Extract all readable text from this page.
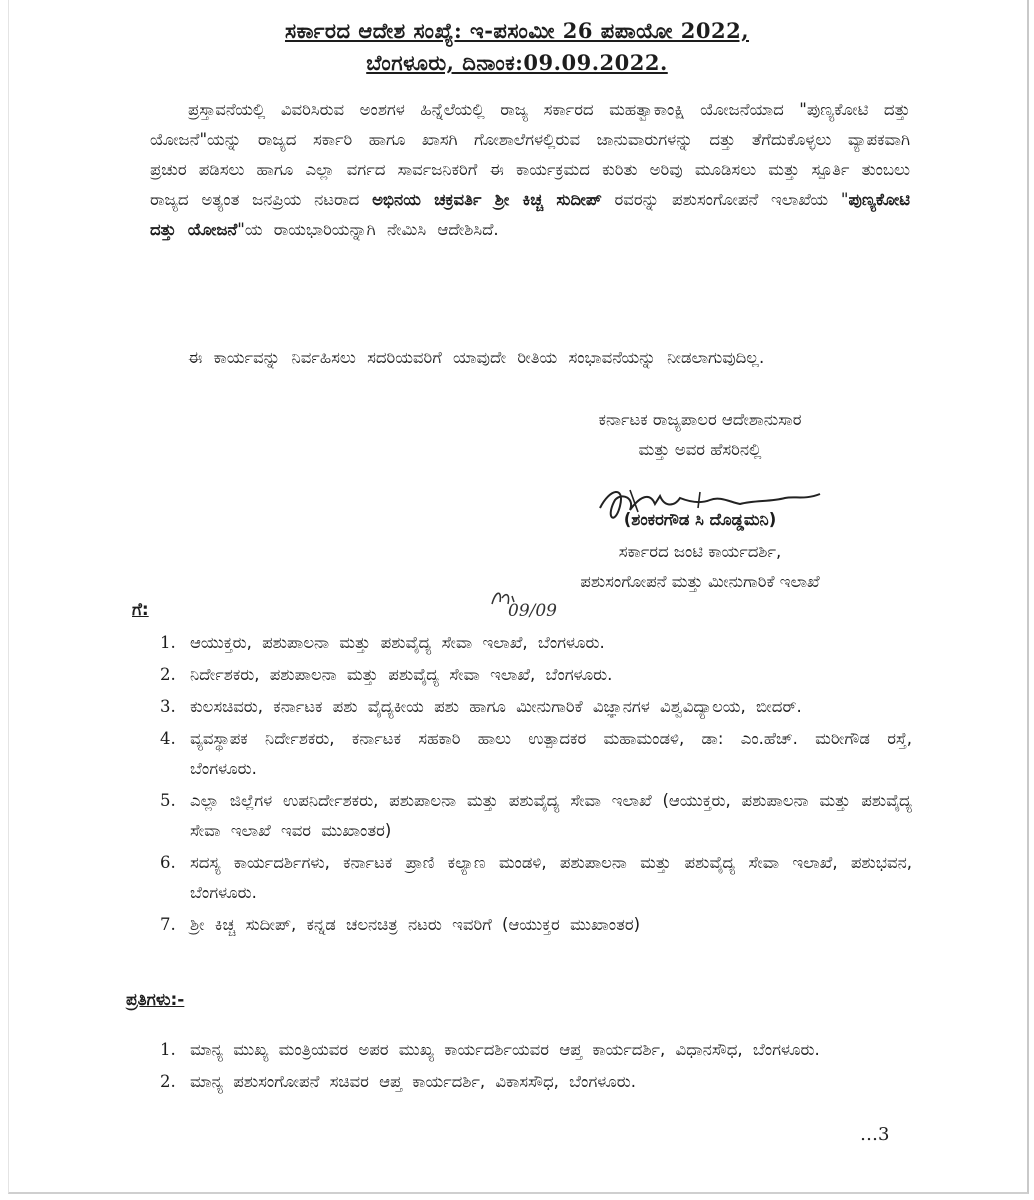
ಸರ್ಕಾರದ ಆದೇಶ ಸಂಖ್ಯೆ: ಇ-ಪಸಂಮೀ 26 ಪಪಾಯೋ 2022,
ಬೆಂಗಳೂರು, ದಿನಾಂಕ:09.09.2022.
ಪ್ರಸ್ತಾವನೆಯಲ್ಲಿ ವಿವರಿಸಿರುವ ಅಂಶಗಳ ಹಿನ್ನೆಲೆಯಲ್ಲಿ ರಾಜ್ಯ ಸರ್ಕಾರದ ಮಹತ್ವಾಕಾಂಕ್ಷಿ ಯೋಜನೆಯಾದ "ಪುಣ್ಯಕೋಟಿ ದತ್ತು ಯೋಜನೆ"ಯನ್ನು ರಾಜ್ಯದ ಸರ್ಕಾರಿ ಹಾಗೂ ಖಾಸಗಿ ಗೋಶಾಲೆಗಳಲ್ಲಿರುವ ಜಾನುವಾರುಗಳನ್ನು ದತ್ತು ತೆಗೆದುಕೊಳ್ಳಲು ವ್ಯಾಪಕವಾಗಿ ಪ್ರಚುರ ಪಡಿಸಲು ಹಾಗೂ ಎಲ್ಲಾ ವರ್ಗದ ಸಾರ್ವಜನಿಕರಿಗೆ ಈ ಕಾರ್ಯಕ್ರಮದ ಕುರಿತು ಅರಿವು ಮೂಡಿಸಲು ಮತ್ತು ಸ್ಪೂರ್ತಿ ತುಂಬಲು ರಾಜ್ಯದ ಅತ್ಯಂತ ಜನಪ್ರಿಯ ನಟರಾದ ಅಭಿನಯ ಚಕ್ರವರ್ತಿ ಶ್ರೀ ಕಿಚ್ಚ ಸುದೀಪ್ ರವರನ್ನು ಪಶುಸಂಗೋಪನೆ ಇಲಾಖೆಯ "ಪುಣ್ಯಕೋಟಿ ದತ್ತು ಯೋಜನೆ"ಯ ರಾಯಭಾರಿಯನ್ನಾಗಿ ನೇಮಿಸಿ ಆದೇಶಿಸಿದೆ.
ಈ ಕಾರ್ಯವನ್ನು ನಿರ್ವಹಿಸಲು ಸದರಿಯವರಿಗೆ ಯಾವುದೇ ರೀತಿಯ ಸಂಭಾವನೆಯನ್ನು ನೀಡಲಾಗುವುದಿಲ್ಲ.
ಕರ್ನಾಟಕ ರಾಜ್ಯಪಾಲರ ಆದೇಶಾನುಸಾರ
ಮತ್ತು ಅವರ ಹೆಸರಿನಲ್ಲಿ
(ಶಂಕರಗೌಡ ಸಿ ದೊಡ್ಡಮನಿ)
ಸರ್ಕಾರದ ಜಂಟಿ ಕಾರ್ಯದರ್ಶಿ,
ಪಶುಸಂಗೋಪನೆ ಮತ್ತು ಮೀನುಗಾರಿಕೆ ಇಲಾಖೆ
09/09
ಗೆ:
1. ಆಯುಕ್ತರು, ಪಶುಪಾಲನಾ ಮತ್ತು ಪಶುವೈದ್ಯ ಸೇವಾ ಇಲಾಖೆ, ಬೆಂಗಳೂರು.
2. ನಿರ್ದೇಶಕರು, ಪಶುಪಾಲನಾ ಮತ್ತು ಪಶುವೈದ್ಯ ಸೇವಾ ಇಲಾಖೆ, ಬೆಂಗಳೂರು.
3. ಕುಲಸಚಿವರು, ಕರ್ನಾಟಕ ಪಶು ವೈದ್ಯಕೀಯ ಪಶು ಹಾಗೂ ಮೀನುಗಾರಿಕೆ ವಿಜ್ಞಾನಗಳ ವಿಶ್ವವಿದ್ಯಾಲಯ, ಬೀದರ್.
4. ವ್ಯವಸ್ಥಾಪಕ ನಿರ್ದೇಶಕರು, ಕರ್ನಾಟಕ ಸಹಕಾರಿ ಹಾಲು ಉತ್ಪಾದಕರ ಮಹಾಮಂಡಳಿ, ಡಾ: ಎಂ.ಹೆಚ್. ಮರೀಗೌಡ ರಸ್ತೆ, ಬೆಂಗಳೂರು.
5. ಎಲ್ಲಾ ಜಿಲ್ಲೆಗಳ ಉಪನಿರ್ದೇಶಕರು, ಪಶುಪಾಲನಾ ಮತ್ತು ಪಶುವೈದ್ಯ ಸೇವಾ ಇಲಾಖೆ (ಆಯುಕ್ತರು, ಪಶುಪಾಲನಾ ಮತ್ತು ಪಶುವೈದ್ಯ ಸೇವಾ ಇಲಾಖೆ ಇವರ ಮುಖಾಂತರ)
6. ಸದಸ್ಯ ಕಾರ್ಯದರ್ಶಿಗಳು, ಕರ್ನಾಟಕ ಪ್ರಾಣಿ ಕಲ್ಯಾಣ ಮಂಡಳಿ, ಪಶುಪಾಲನಾ ಮತ್ತು ಪಶುವೈದ್ಯ ಸೇವಾ ಇಲಾಖೆ, ಪಶುಭವನ, ಬೆಂಗಳೂರು.
7. ಶ್ರೀ ಕಿಚ್ಚ ಸುದೀಪ್, ಕನ್ನಡ ಚಲನಚಿತ್ರ ನಟರು ಇವರಿಗೆ (ಆಯುಕ್ತರ ಮುಖಾಂತರ)
ಪ್ರತಿಗಳು:-
1. ಮಾನ್ಯ ಮುಖ್ಯ ಮಂತ್ರಿಯವರ ಅಪರ ಮುಖ್ಯ ಕಾರ್ಯದರ್ಶಿಯವರ ಆಪ್ತ ಕಾರ್ಯದರ್ಶಿ, ವಿಧಾನಸೌಧ, ಬೆಂಗಳೂರು.
2. ಮಾನ್ಯ ಪಶುಸಂಗೋಪನೆ ಸಚಿವರ ಆಪ್ತ ಕಾರ್ಯದರ್ಶಿ, ವಿಕಾಸಸೌಧ, ಬೆಂಗಳೂರು.
…3
